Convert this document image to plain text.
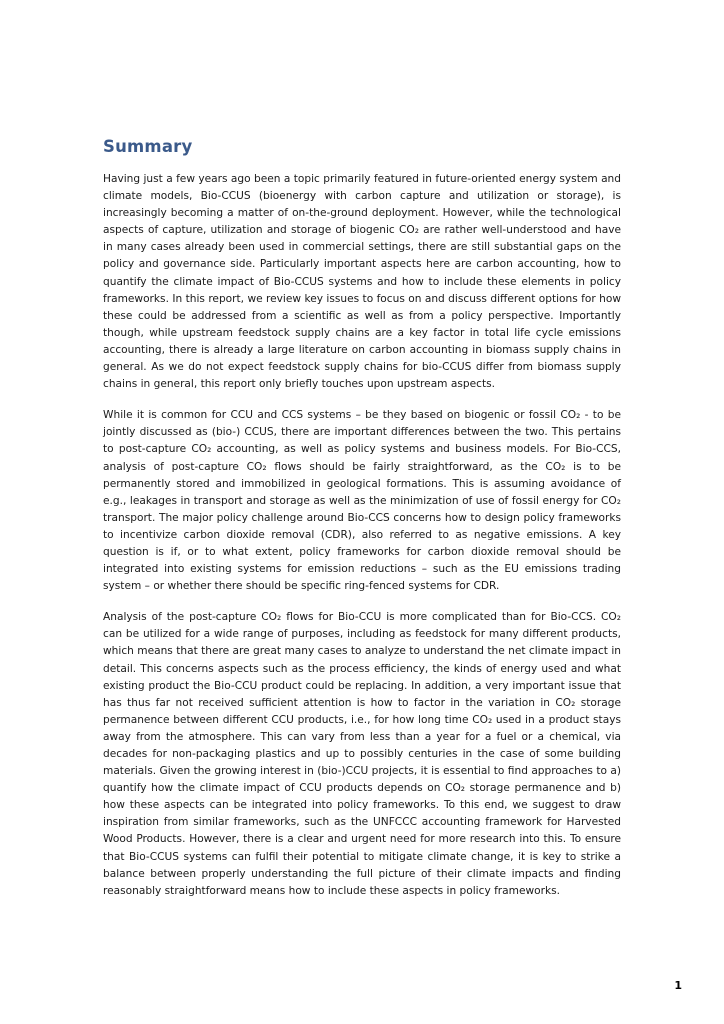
Summary

Having just a few years ago been a topic primarily featured in future-oriented energy system and climate models, Bio-CCUS (bioenergy with carbon capture and utilization or storage), is increasingly becoming a matter of on-the-ground deployment. However, while the technological aspects of capture, utilization and storage of biogenic CO₂ are rather well-understood and have in many cases already been used in commercial settings, there are still substantial gaps on the policy and governance side. Particularly important aspects here are carbon accounting, how to quantify the climate impact of Bio-CCUS systems and how to include these elements in policy frameworks. In this report, we review key issues to focus on and discuss different options for how these could be addressed from a scientific as well as from a policy perspective. Importantly though, while upstream feedstock supply chains are a key factor in total life cycle emissions accounting, there is already a large literature on carbon accounting in biomass supply chains in general. As we do not expect feedstock supply chains for bio-CCUS differ from biomass supply chains in general, this report only briefly touches upon upstream aspects.

While it is common for CCU and CCS systems – be they based on biogenic or fossil CO₂ - to be jointly discussed as (bio-) CCUS, there are important differences between the two. This pertains to post-capture CO₂ accounting, as well as policy systems and business models. For Bio-CCS, analysis of post-capture CO₂ flows should be fairly straightforward, as the CO₂ is to be permanently stored and immobilized in geological formations. This is assuming avoidance of e.g., leakages in transport and storage as well as the minimization of use of fossil energy for CO₂ transport. The major policy challenge around Bio-CCS concerns how to design policy frameworks to incentivize carbon dioxide removal (CDR), also referred to as negative emissions. A key question is if, or to what extent, policy frameworks for carbon dioxide removal should be integrated into existing systems for emission reductions – such as the EU emissions trading system – or whether there should be specific ring-fenced systems for CDR.

Analysis of the post-capture CO₂ flows for Bio-CCU is more complicated than for Bio-CCS. CO₂ can be utilized for a wide range of purposes, including as feedstock for many different products, which means that there are great many cases to analyze to understand the net climate impact in detail. This concerns aspects such as the process efficiency, the kinds of energy used and what existing product the Bio-CCU product could be replacing. In addition, a very important issue that has thus far not received sufficient attention is how to factor in the variation in CO₂ storage permanence between different CCU products, i.e., for how long time CO₂ used in a product stays away from the atmosphere. This can vary from less than a year for a fuel or a chemical, via decades for non-packaging plastics and up to possibly centuries in the case of some building materials. Given the growing interest in (bio-)CCU projects, it is essential to find approaches to a) quantify how the climate impact of CCU products depends on CO₂ storage permanence and b) how these aspects can be integrated into policy frameworks. To this end, we suggest to draw inspiration from similar frameworks, such as the UNFCCC accounting framework for Harvested Wood Products. However, there is a clear and urgent need for more research into this. To ensure that Bio-CCUS systems can fulfil their potential to mitigate climate change, it is key to strike a balance between properly understanding the full picture of their climate impacts and finding reasonably straightforward means how to include these aspects in policy frameworks.

1
